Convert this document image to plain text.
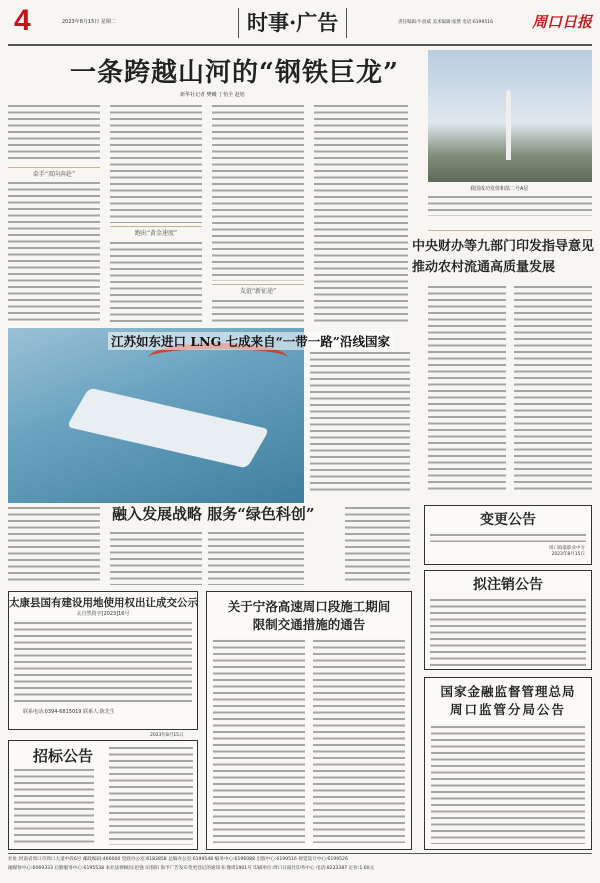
4	2023年8月15日 星期二	时事·广告	责任编辑:牛晨威 美术编辑:张赞 电话:6199516	周口日报
一条跨越山河的“钢铁巨龙”
新华社记者 樊曦 丁怡全 赵旭
牵手“双向奔赴”
跑出“黄金速度”
友谊“新征途”
我国成功发射和箭二号A星
中央财办等九部门印发指导意见
推动农村流通高质量发展
江苏如东进口 LNG 七成来自“一带一路”沿线国家
融入发展战略 服务“绿色科创”
太康县国有建设用地使用权出让成交公示
太自然资字[2023]16号
联系电话:0394-6815019 联系人:陈先生
2023年8月15日
招标公告
关于宁洛高速周口段施工期间
限制交通措施的通告
变更公告
周口海棠职业中专
2023年8月15日
拟注销公告
国家金融监督管理总局
周口监管分局公告
社址:河南省周口市周口大道中段6号 邮政编码:466000 党政办公室:6183858 总编办公室:6199548 编务中心:6196088 出版中心:6199516 视觉设计中心:6199526
融媒体中心:6069333 后勤服务中心:6195538 本社法律顾问:赵强 田春阳 海予广告发布变更登记的通知书:豫周1901号 印刷单位:周口日报社印务中心 电话:8223387 定价:1.60元
